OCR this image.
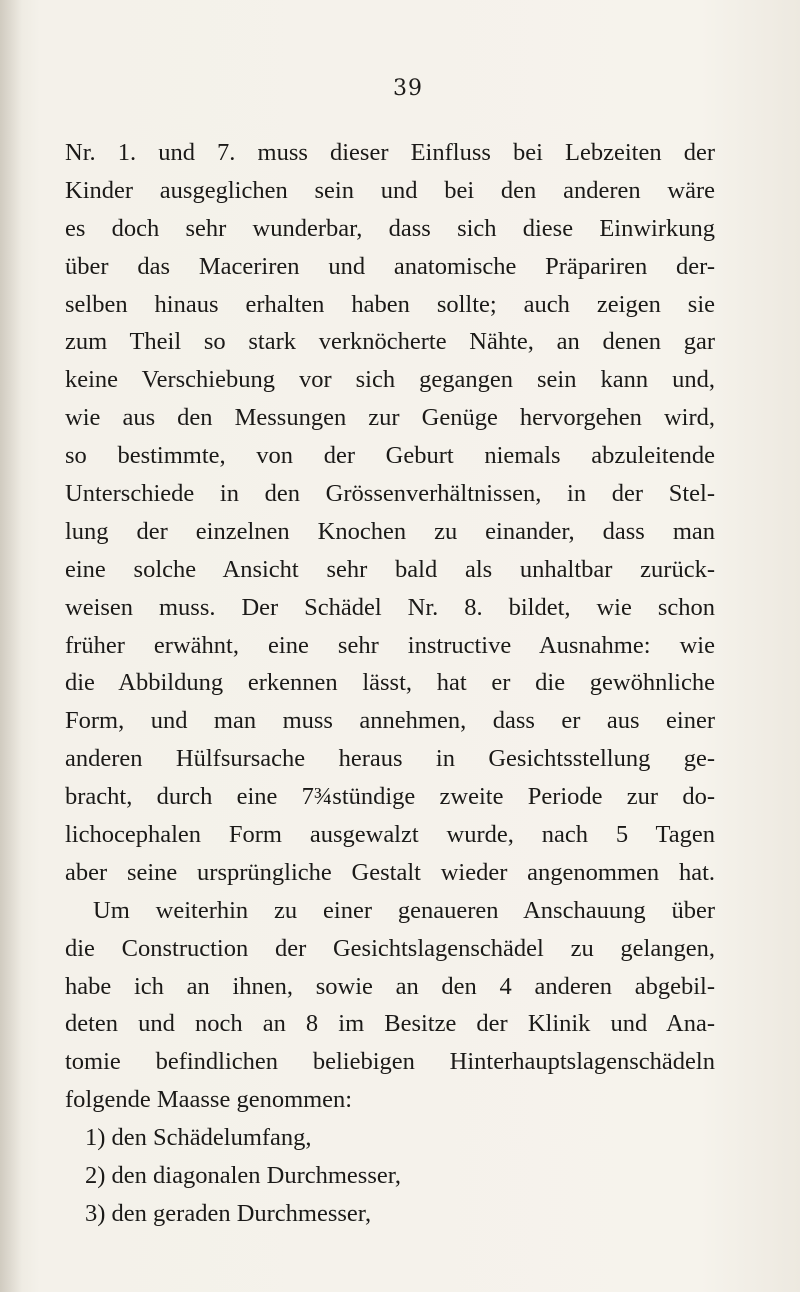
39
Nr. 1. und 7. muss dieser Einfluss bei Lebzeiten der
Kinder ausgeglichen sein und bei den anderen wäre
es doch sehr wunderbar, dass sich diese Einwirkung
über das Maceriren und anatomische Präpariren der-
selben hinaus erhalten haben sollte; auch zeigen sie
zum Theil so stark verknöcherte Nähte, an denen gar
keine Verschiebung vor sich gegangen sein kann und,
wie aus den Messungen zur Genüge hervorgehen wird,
so bestimmte, von der Geburt niemals abzuleitende
Unterschiede in den Grössenverhältnissen, in der Stel-
lung der einzelnen Knochen zu einander, dass man
eine solche Ansicht sehr bald als unhaltbar zurück-
weisen muss. Der Schädel Nr. 8. bildet, wie schon
früher erwähnt, eine sehr instructive Ausnahme: wie
die Abbildung erkennen lässt, hat er die gewöhnliche
Form, und man muss annehmen, dass er aus einer
anderen Hülfsursache heraus in Gesichtsstellung ge-
bracht, durch eine 7¾stündige zweite Periode zur do-
lichocephalen Form ausgewalzt wurde, nach 5 Tagen
aber seine ursprüngliche Gestalt wieder angenommen hat.
Um weiterhin zu einer genaueren Anschauung über
die Construction der Gesichtslagenschädel zu gelangen,
habe ich an ihnen, sowie an den 4 anderen abgebil-
deten und noch an 8 im Besitze der Klinik und Ana-
tomie befindlichen beliebigen Hinterhauptslagenschädeln
folgende Maasse genommen:
1) den Schädelumfang,
2) den diagonalen Durchmesser,
3) den geraden Durchmesser,
